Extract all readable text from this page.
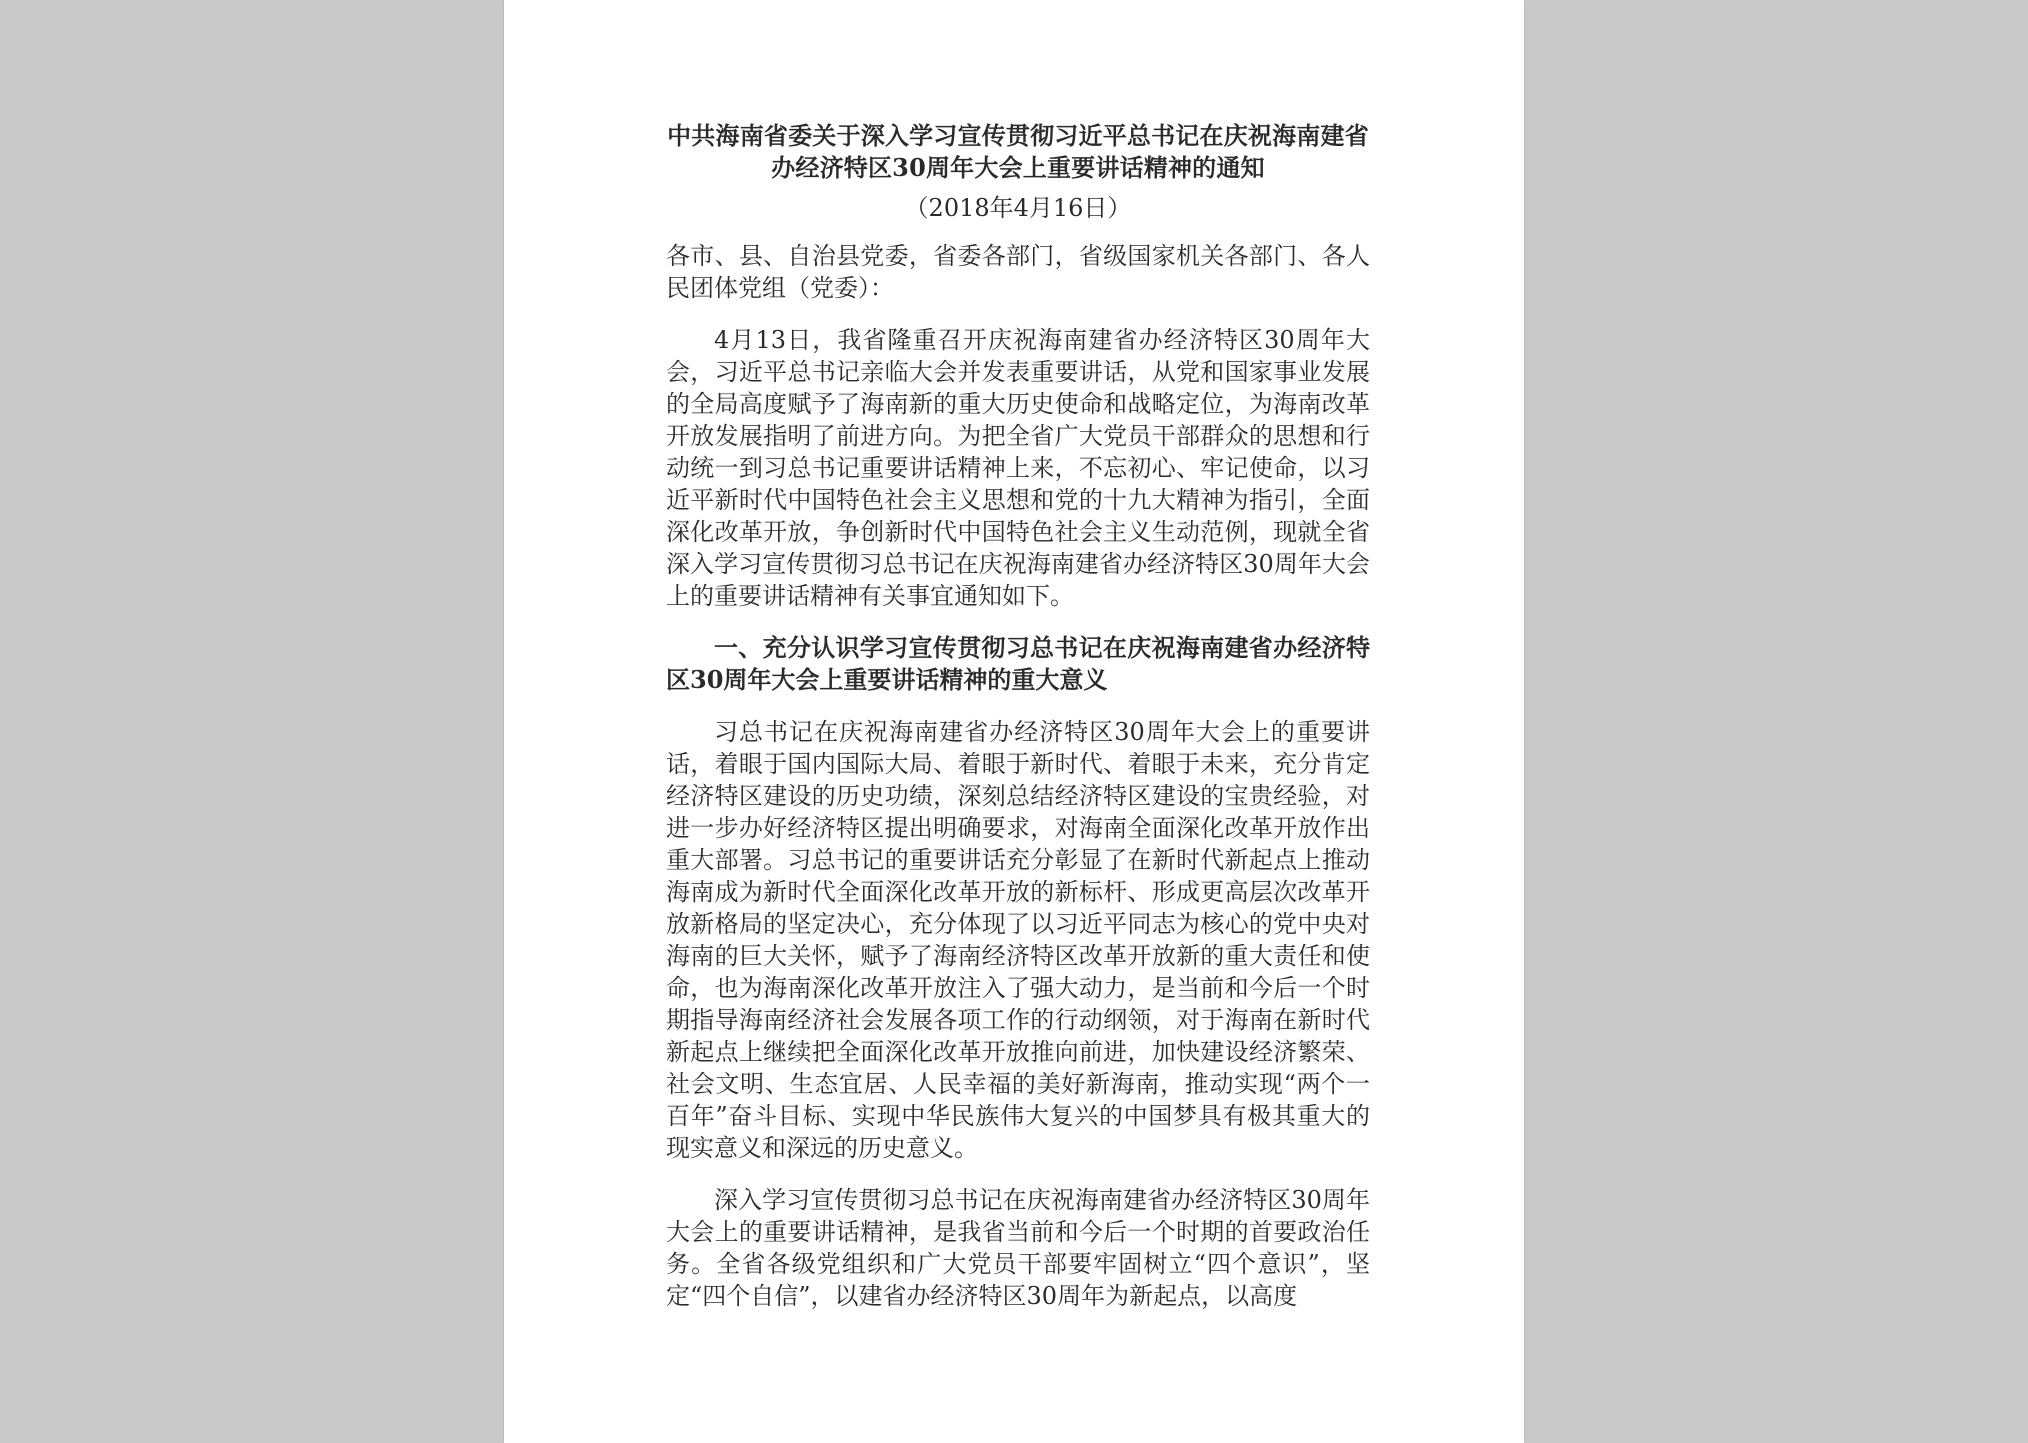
中共海南省委关于深入学习宣传贯彻习近平总书记在庆祝海南建省
办经济特区30周年大会上重要讲话精神的通知

（2018年4月16日）
各市、县、自治县党委，省委各部门，省级国家机关各部门、各人民团体党组（党委）：
4月13日，我省隆重召开庆祝海南建省办经济特区30周年大会，习近平总书记亲临大会并发表重要讲话，从党和国家事业发展的全局高度赋予了海南新的重大历史使命和战略定位，为海南改革开放发展指明了前进方向。为把全省广大党员干部群众的思想和行动统一到习总书记重要讲话精神上来，不忘初心、牢记使命，以习近平新时代中国特色社会主义思想和党的十九大精神为指引，全面深化改革开放，争创新时代中国特色社会主义生动范例，现就全省深入学习宣传贯彻习总书记在庆祝海南建省办经济特区30周年大会上的重要讲话精神有关事宜通知如下。
一、充分认识学习宣传贯彻习总书记在庆祝海南建省办经济特区30周年大会上重要讲话精神的重大意义
习总书记在庆祝海南建省办经济特区30周年大会上的重要讲话，着眼于国内国际大局、着眼于新时代、着眼于未来，充分肯定经济特区建设的历史功绩，深刻总结经济特区建设的宝贵经验，对进一步办好经济特区提出明确要求，对海南全面深化改革开放作出重大部署。习总书记的重要讲话充分彰显了在新时代新起点上推动海南成为新时代全面深化改革开放的新标杆、形成更高层次改革开放新格局的坚定决心，充分体现了以习近平同志为核心的党中央对海南的巨大关怀，赋予了海南经济特区改革开放新的重大责任和使命，也为海南深化改革开放注入了强大动力，是当前和今后一个时期指导海南经济社会发展各项工作的行动纲领，对于海南在新时代新起点上继续把全面深化改革开放推向前进，加快建设经济繁荣、社会文明、生态宜居、人民幸福的美好新海南，推动实现“两个一百年”奋斗目标、实现中华民族伟大复兴的中国梦具有极其重大的现实意义和深远的历史意义。
深入学习宣传贯彻习总书记在庆祝海南建省办经济特区30周年大会上的重要讲话精神，是我省当前和今后一个时期的首要政治任务。全省各级党组织和广大党员干部要牢固树立“四个意识”，坚定“四个自信”，以建省办经济特区30周年为新起点，以高度
